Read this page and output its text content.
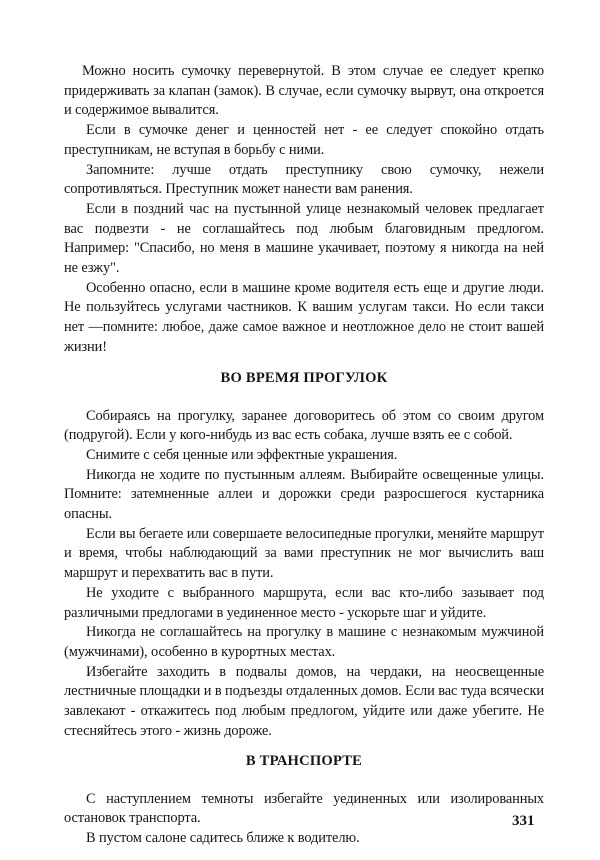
Можно носить сумочку перевернутой. В этом случае ее следует крепко придерживать за клапан (замок). В случае, если сумочку вырвут, она откроется и содержимое вывалится.

Если в сумочке денег и ценностей нет - ее следует спокойно отдать преступникам, не вступая в борьбу с ними.

Запомните: лучше отдать преступнику свою сумочку, нежели сопротивляться. Преступник может нанести вам ранения.

Если в поздний час на пустынной улице незнакомый человек предлагает вас подвезти - не соглашайтесь под любым благовидным предлогом. Например: "Спасибо, но меня в машине укачивает, поэтому я никогда на ней не езжу".

Особенно опасно, если в машине кроме водителя есть еще и другие люди. Не пользуйтесь услугами частников. К вашим услугам такси. Но если такси нет —помните: любое, даже самое важное и неотложное дело не стоит вашей жизни!

ВО ВРЕМЯ ПРОГУЛОК

Собираясь на прогулку, заранее договоритесь об этом со своим другом (подругой). Если у кого-нибудь из вас есть собака, лучше взять ее с собой.

Снимите с себя ценные или эффектные украшения.

Никогда не ходите по пустынным аллеям. Выбирайте освещенные улицы. Помните: затемненные аллеи и дорожки среди разросшегося кустарника опасны.

Если вы бегаете или совершаете велосипедные прогулки, меняйте маршрут и время, чтобы наблюдающий за вами преступник не мог вычислить ваш маршрут и перехватить вас в пути.

Не уходите с выбранного маршрута, если вас кто-либо зазывает под различными предлогами в уединенное место - ускорьте шаг и уйдите.

Никогда не соглашайтесь на прогулку в машине с незнакомым мужчиной (мужчинами), особенно в курортных местах.

Избегайте заходить в подвалы домов, на чердаки, на неосвещенные лестничные площадки и в подъезды отдаленных домов. Если вас туда всячески завлекают - откажитесь под любым предлогом, уйдите или даже убегите. Не стесняйтесь этого - жизнь дороже.

В ТРАНСПОРТЕ

С наступлением темноты избегайте уединенных или изолированных остановок транспорта.

В пустом салоне садитесь ближе к водителю.

331
